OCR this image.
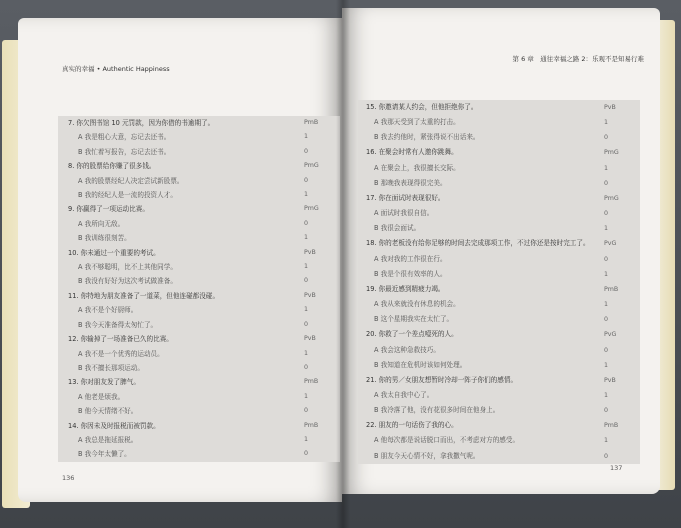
真实的幸福 • Authentic Happiness
7. 你欠图书馆 10 元罚款，因为你借的书逾期了。	PmB
A 我是粗心大意，忘记去还书。	1
B 我忙着写报告，忘记去还书。	0
8. 你的股票给你赚了很多钱。	PmG
A 我的股票经纪人决定尝试新股票。	0
B 我的经纪人是一流的投资人才。	1
9. 你赢得了一项运动比赛。	PmG
A 我所向无敌。	0
B 我训练很刻苦。	1
10. 你未通过一个重要的考试。	PvB
A 我不够聪明，比不上其他同学。	1
B 我没有好好为这次考试做准备。	0
11. 你特地为朋友准备了一道菜，但他连碰都没碰。	PvB
A 我不是个好厨师。	1
B 我今天准备得太匆忙了。	0
12. 你输掉了一场准备已久的比赛。	PvB
A 我不是一个优秀的运动员。	1
B 我不擅长那项运动。	0
13. 你对朋友发了脾气。	PmB
A 他老是烦我。	1
B 他今天情绪不好。	0
14. 你因未及时报税而被罚款。	PmB
A 我总是拖延报税。	1
B 我今年太懒了。	0
136
第 6 章　通往幸福之路 2：乐观不是知易行难
15. 你邀请某人约会，但他拒绝你了。	PvB
A 我那天受到了太重的打击。	1
B 我去约他时，紧张得说不出话来。	0
16. 在聚会时常有人邀你跳舞。	PmG
A 在聚会上，我很擅长交际。	1
B 那晚我表现得很完美。	0
17. 你在面试时表现很好。	PmG
A 面试时我很自信。	0
B 我很会面试。	1
18. 你的老板没有给你足够的时间去完成那项工作，不过你还是按时完工了。 PvG
A 我对我的工作很在行。	0
B 我是个很有效率的人。	1
19. 你最近感到精疲力竭。	PmB
A 我从来就没有休息的机会。	1
B 这个星期我实在太忙了。	0
20. 你救了一个差点噎死的人。	PvG
A 我会这种急救技巧。	0
B 我知道在危机时该如何处理。	1
21. 你的男／女朋友想暂时冷却一阵子你们的感情。	PvB
A 我太自我中心了。	1
B 我冷落了他，没有花很多时间在他身上。	0
22. 朋友的一句话伤了我的心。	PmB
A 他每次都是说话脱口而出，不考虑对方的感受。	1
B 朋友今天心情不好，拿我撒气呢。	0
137
